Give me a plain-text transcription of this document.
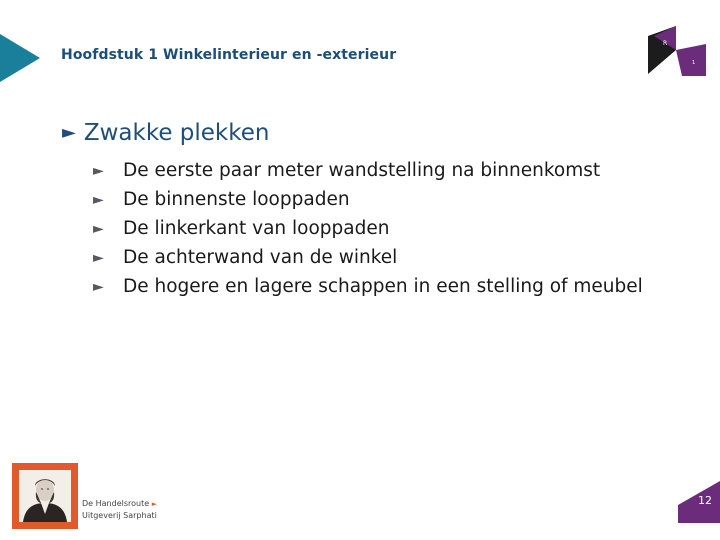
Hoofdstuk 1 Winkelinterieur en -exterieur
R
1
► Zwakke plekken
► De eerste paar meter wandstelling na binnenkomst
► De binnenste looppaden
► De linkerkant van looppaden
► De achterwand van de winkel
► De hogere en lagere schappen in een stelling of meubel
De Handelsroute ►
Uitgeverij Sarphati
12
